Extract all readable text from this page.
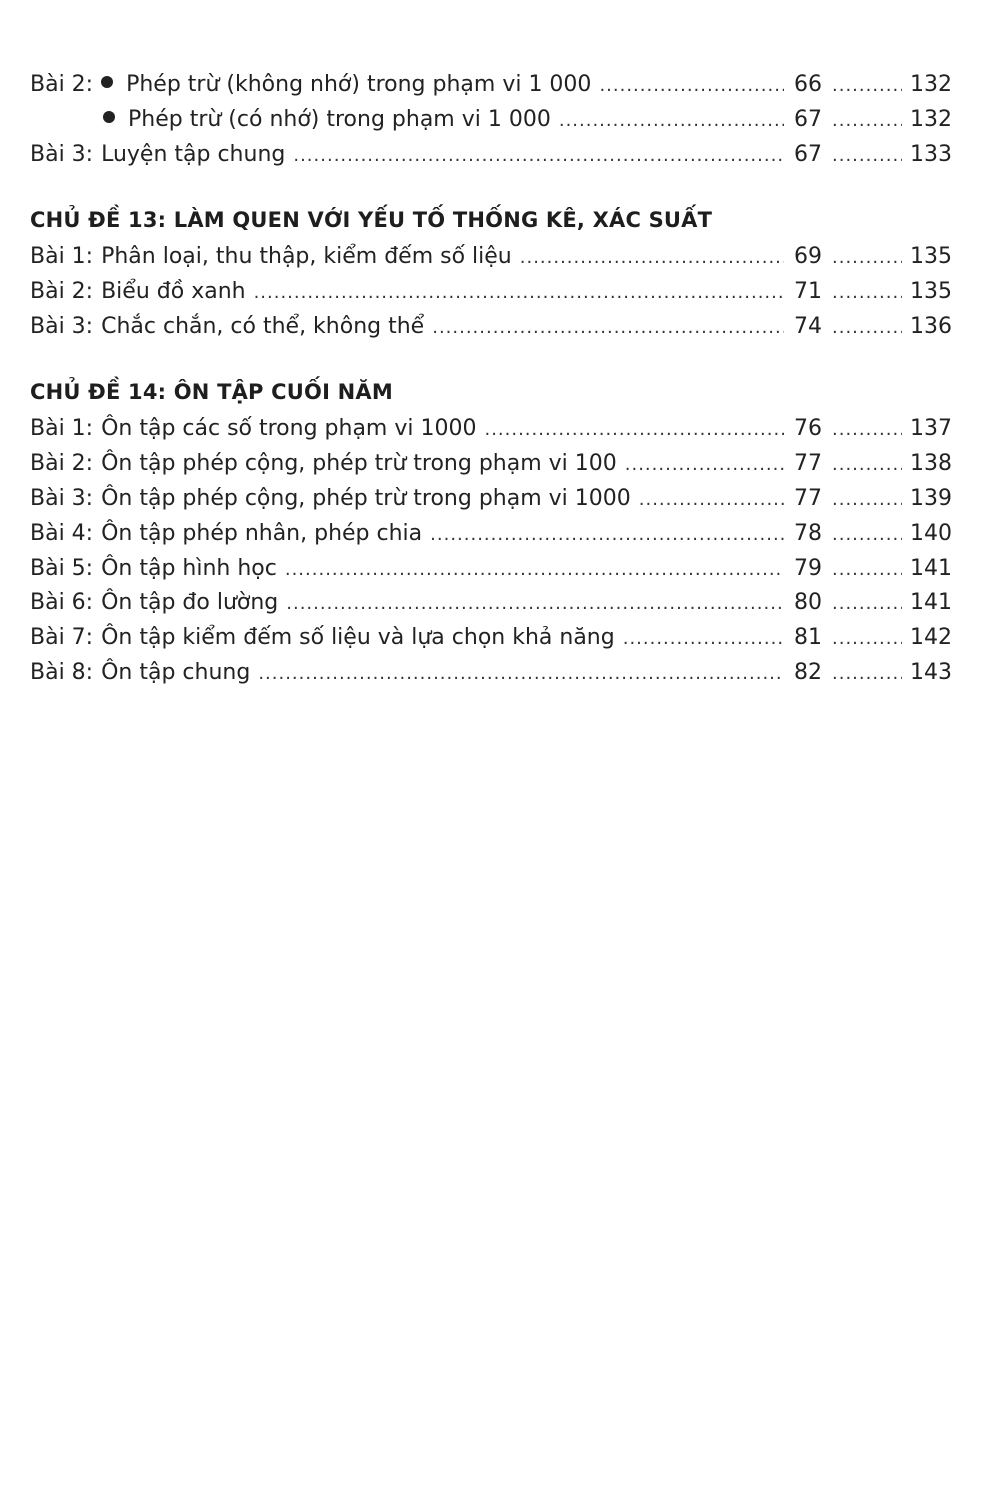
Bài 2: Phép trừ (không nhớ) trong phạm vi 1 000 .....	66 .....	132
Phép trừ (có nhớ) trong phạm vi 1 000 .....	67 .....	132
Bài 3: Luyện tập chung .....	67 .....	133
CHỦ ĐỀ 13: LÀM QUEN VỚI YẾU TỐ THỐNG KÊ, XÁC SUẤT
Bài 1: Phân loại, thu thập, kiểm đếm số liệu .....	69 .....	135
Bài 2: Biểu đồ xanh .....	71 .....	135
Bài 3: Chắc chắn, có thể, không thể .....	74 .....	136
CHỦ ĐỀ 14: ÔN TẬP CUỐI NĂM
Bài 1: Ôn tập các số trong phạm vi 1000 .....	76 .....	137
Bài 2: Ôn tập phép cộng, phép trừ trong phạm vi 100 .....	77 .....	138
Bài 3: Ôn tập phép cộng, phép trừ trong phạm vi 1000 .....	77 .....	139
Bài 4: Ôn tập phép nhân, phép chia .....	78 .....	140
Bài 5: Ôn tập hình học .....	79 .....	141
Bài 6: Ôn tập đo lường .....	80 .....	141
Bài 7: Ôn tập kiểm đếm số liệu và lựa chọn khả năng .....	81 .....	142
Bài 8: Ôn tập chung .....	82 .....	143
